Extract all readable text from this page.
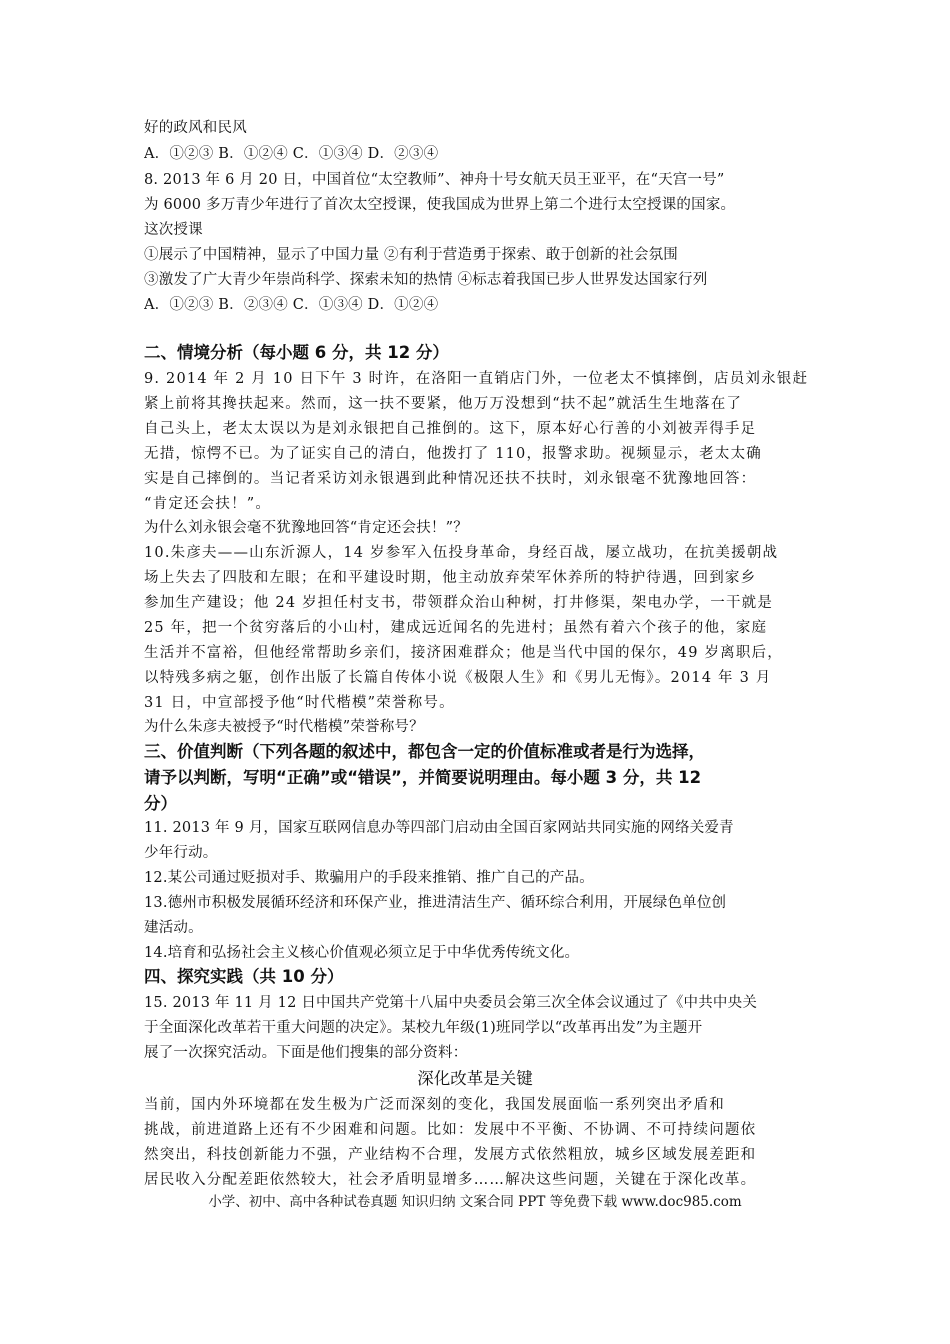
好的政风和民风
A．①②③ B．①②④ C．①③④ D．②③④
8. 2013 年 6 月 20 日，中国首位“太空教师”、神舟十号女航天员王亚平，在“天宫一号”
为 6000 多万青少年进行了首次太空授课，使我国成为世界上第二个进行太空授课的国家。
这次授课
①展示了中国精神，显示了中国力量 ②有利于营造勇于探索、敢于创新的社会氛围
③激发了广大青少年崇尚科学、探索未知的热情 ④标志着我国已步人世界发达国家行列
A．①②③ B．②③④ C．①③④ D．①②④
二、情境分析（每小题 6 分，共 12 分）
9. 2014 年 2 月 10 日下午 3 时许，在洛阳一直销店门外，一位老太不慎摔倒，店员刘永银赶
紧上前将其搀扶起来。然而，这一扶不要紧，他万万没想到“扶不起”就活生生地落在了
自己头上，老太太误以为是刘永银把自己推倒的。这下，原本好心行善的小刘被弄得手足
无措，惊愕不已。为了证实自己的清白，他拨打了 110，报警求助。视频显示，老太太确
实是自己摔倒的。当记者采访刘永银遇到此种情况还扶不扶时，刘永银毫不犹豫地回答：
“肯定还会扶！”。
为什么刘永银会毫不犹豫地回答“肯定还会扶！”？
10.朱彦夫——山东沂源人，14 岁参军入伍投身革命，身经百战，屡立战功，在抗美援朝战
场上失去了四肢和左眼；在和平建设时期，他主动放弃荣军休养所的特护待遇，回到家乡
参加生产建设；他 24 岁担任村支书，带领群众治山种树，打井修渠，架电办学，一干就是
25 年，把一个贫穷落后的小山村，建成远近闻名的先进村；虽然有着六个孩子的他，家庭
生活并不富裕，但他经常帮助乡亲们，接济困难群众；他是当代中国的保尔，49 岁离职后，
以特残多病之躯，创作出版了长篇自传体小说《极限人生》和《男儿无悔》。2014 年 3 月
31 日，中宣部授予他“时代楷模”荣誉称号。
为什么朱彦夫被授予“时代楷模”荣誉称号？
三、价值判断（下列各题的叙述中，都包含一定的价值标准或者是行为选择，
请予以判断，写明“正确”或“错误”，并简要说明理由。每小题 3 分，共 12
分）
11. 2013 年 9 月，国家互联网信息办等四部门启动由全国百家网站共同实施的网络关爱青
少年行动。
12.某公司通过贬损对手、欺骗用户的手段来推销、推广自己的产品。
13.德州市积极发展循环经济和环保产业，推进清洁生产、循环综合利用，开展绿色单位创
建活动。
14.培育和弘扬社会主义核心价值观必须立足于中华优秀传统文化。
四、探究实践（共 10 分）
15. 2013 年 11 月 12 日中国共产党第十八届中央委员会第三次全体会议通过了《中共中央关
于全面深化改革若干重大问题的决定》。某校九年级(1)班同学以“改革再出发”为主题开
展了一次探究活动。下面是他们搜集的部分资料：
深化改革是关键
当前，国内外环境都在发生极为广泛而深刻的变化，我国发展面临一系列突出矛盾和
挑战，前进道路上还有不少困难和问题。比如：发展中不平衡、不协调、不可持续问题依
然突出，科技创新能力不强，产业结构不合理，发展方式依然粗放，城乡区域发展差距和
居民收入分配差距依然较大，社会矛盾明显增多……解决这些问题，关键在于深化改革。
小学、初中、高中各种试卷真题 知识归纳 文案合同 PPT 等免费下载 www.doc985.com
